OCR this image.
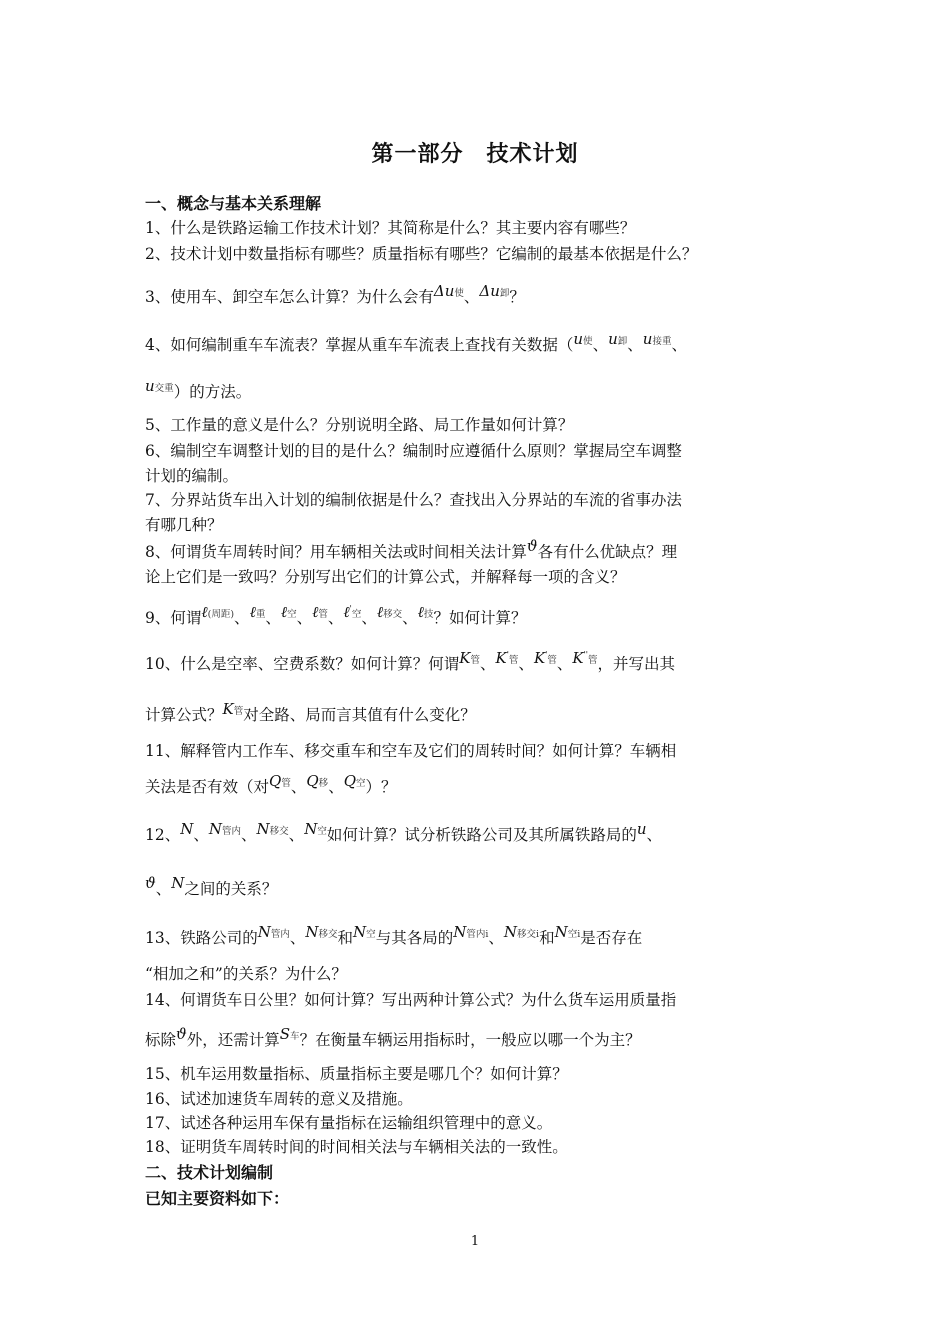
第一部分　技术计划
一、概念与基本关系理解
1、什么是铁路运输工作技术计划？其简称是什么？其主要内容有哪些？
2、技术计划中数量指标有哪些？质量指标有哪些？它编制的最基本依据是什么？
3、使用车、卸空车怎么计算？为什么会有Δu使、Δu卸？
4、如何编制重车车流表？掌握从重车车流表上查找有关数据（u使、u卸、u接重、
u交重）的方法。
5、工作量的意义是什么？分别说明全路、局工作量如何计算？
6、编制空车调整计划的目的是什么？编制时应遵循什么原则？掌握局空车调整
计划的编制。
7、分界站货车出入计划的编制依据是什么？查找出入分界站的车流的省事办法
有哪几种？
8、何谓货车周转时间？用车辆相关法或时间相关法计算ϑ各有什么优缺点？理
论上它们是一致吗？分别写出它们的计算公式，并解释每一项的含义？
9、何谓ℓ(周距)、ℓ重、ℓ空、ℓ管、ℓ'空、ℓ移交、ℓ技？如何计算？
10、什么是空率、空费系数？如何计算？何谓K管、K'管、K'管、K''管，并写出其
计算公式？K管对全路、局而言其值有什么变化？
11、解释管内工作车、移交重车和空车及它们的周转时间？如何计算？车辆相
关法是否有效（对Q管、Q移、Q空）？
12、N、N管内、N移交、N空如何计算？试分析铁路公司及其所属铁路局的u、
ϑ、N之间的关系？
13、铁路公司的N管内、N移交和N空与其各局的N管内i、N移交i和N空i是否存在
“相加之和”的关系？为什么？
14、何谓货车日公里？如何计算？写出两种计算公式？为什么货车运用质量指
标除ϑ外，还需计算S车？在衡量车辆运用指标时，一般应以哪一个为主？
15、机车运用数量指标、质量指标主要是哪几个？如何计算？
16、试述加速货车周转的意义及措施。
17、试述各种运用车保有量指标在运输组织管理中的意义。
18、证明货车周转时间的时间相关法与车辆相关法的一致性。
二、技术计划编制
已知主要资料如下：
1
